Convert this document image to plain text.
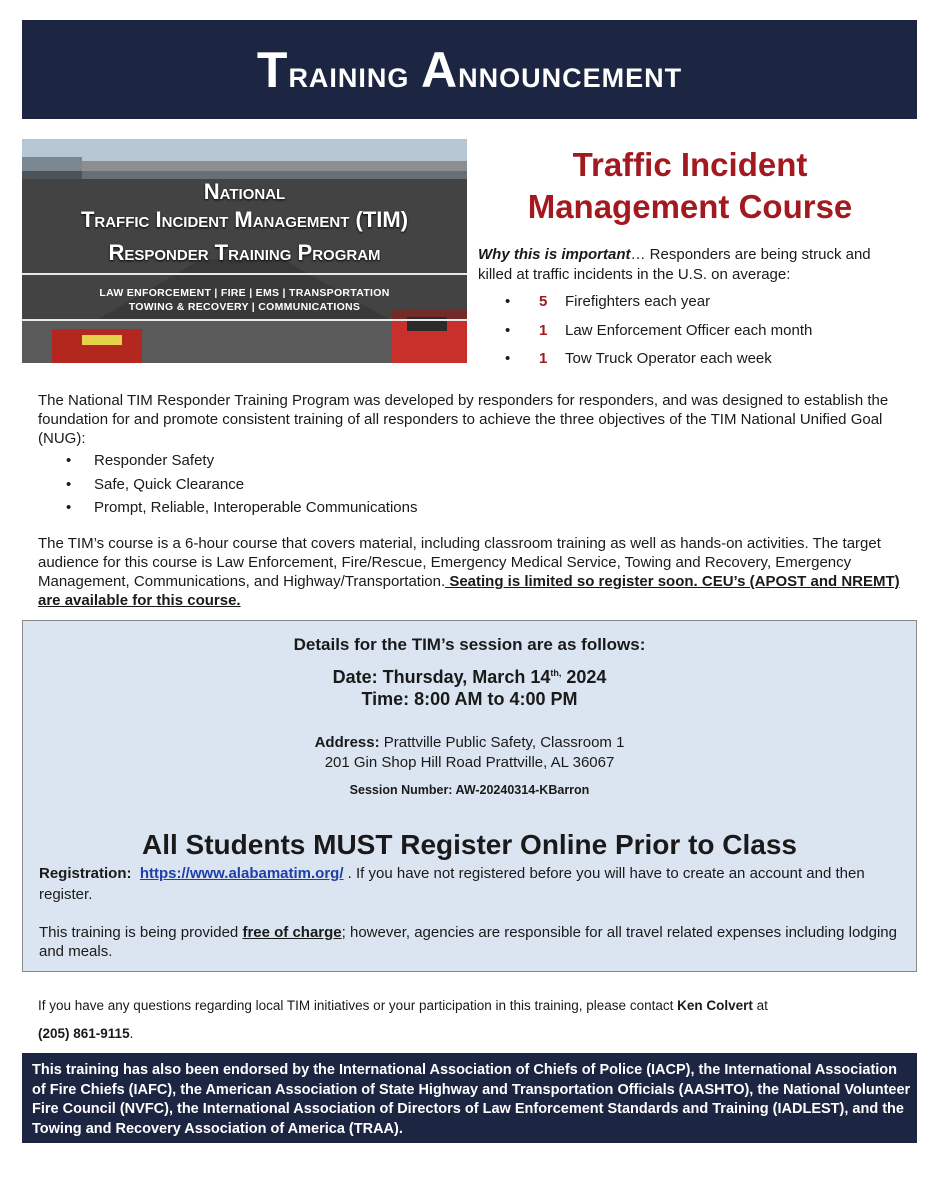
Training Announcement
National
Traffic Incident Management (TIM)
Responder Training Program
LAW ENFORCEMENT | FIRE | EMS | TRANSPORTATION
TOWING & RECOVERY | COMMUNICATIONS
Traffic Incident
Management Course
Why this is important… Responders are being struck and killed at traffic incidents in the U.S. on average:
•	5	Firefighters each year
•	1	Law Enforcement Officer each month
•	1	Tow Truck Operator each week
The National TIM Responder Training Program was developed by responders for responders, and was designed to establish the foundation for and promote consistent training of all responders to achieve the three objectives of the TIM National Unified Goal (NUG):
•	Responder Safety
•	Safe, Quick Clearance
•	Prompt, Reliable, Interoperable Communications
The TIM’s course is a 6-hour course that covers material, including classroom training as well as hands-on activities. The target audience for this course is Law Enforcement, Fire/Rescue, Emergency Medical Service, Towing and Recovery, Emergency Management, Communications, and Highway/Transportation. Seating is limited so register soon. CEU’s (APOST and NREMT) are available for this course.
Details for the TIM’s session are as follows:
Date: Thursday, March $14^{th,}$ 2024
Time: 8:00 AM to 4:00 PM
Address: Prattville Public Safety, Classroom 1
201 Gin Shop Hill Road Prattville, AL 36067
Session Number: AW-20240314-KBarron
All Students MUST Register Online Prior to Class
Registration: https://www.alabamatim.org/ . If you have not registered before you will have to create an account and then register.
This training is being provided free of charge; however, agencies are responsible for all travel related expenses including lodging and meals.
If you have any questions regarding local TIM initiatives or your participation in this training, please contact Ken Colvert at
(205) 861-9115.
This training has also been endorsed by the International Association of Chiefs of Police (IACP), the International Association of Fire Chiefs (IAFC), the American Association of State Highway and Transportation Officials (AASHTO), the National Volunteer Fire Council (NVFC), the International Association of Directors of Law Enforcement Standards and Training (IADLEST), and the Towing and Recovery Association of America (TRAA).
